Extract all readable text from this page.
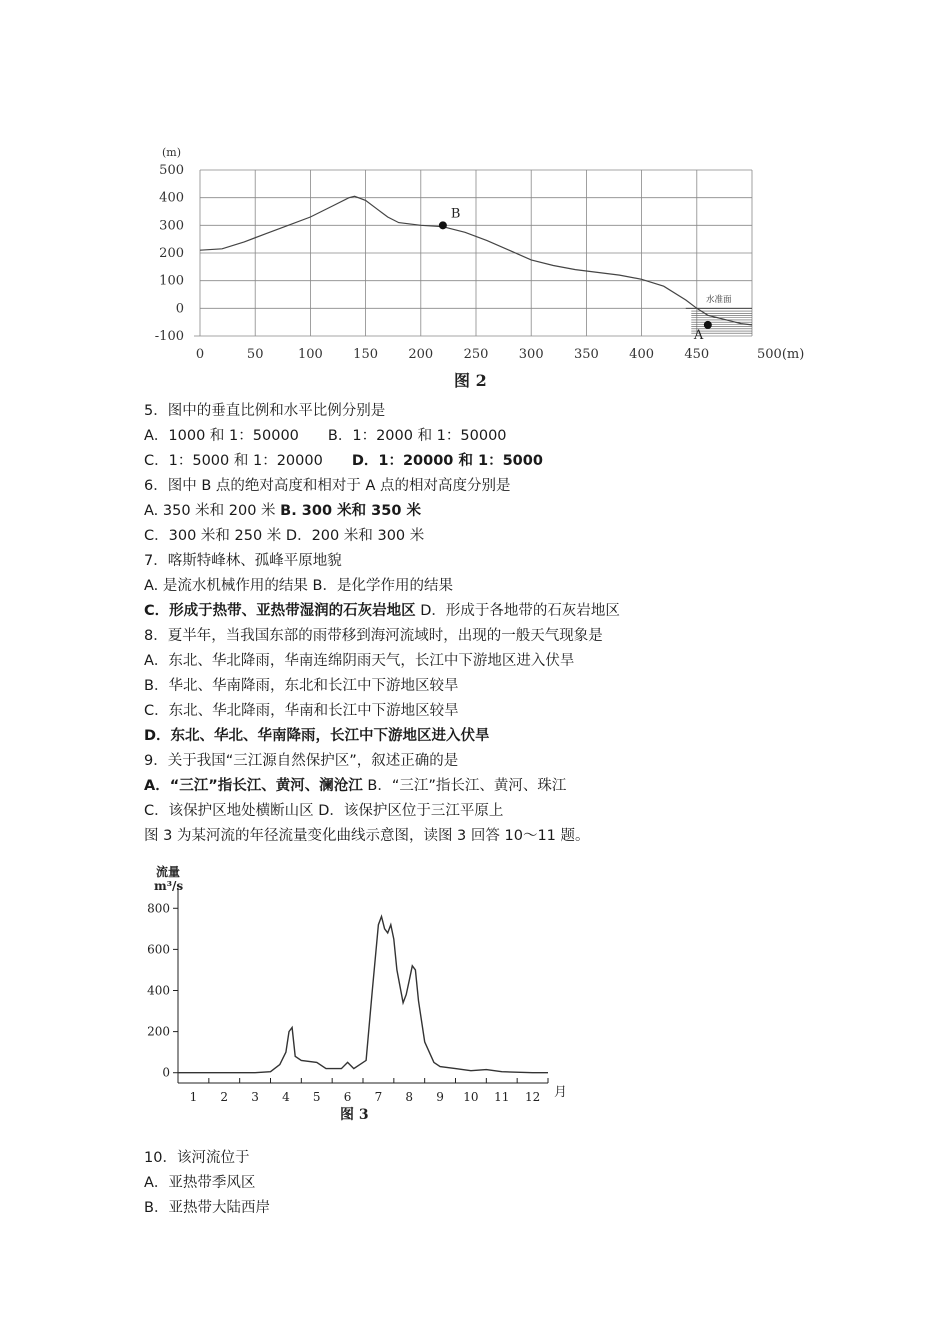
0	50	100 150 200 250 300 350 400 450
500
400
300
200
100
0
-100
B
A
(m)
500(m)
水准面
图 2
5．图中的垂直比例和水平比例分别是
A．1000 和 1：50000　　B．1：2000 和 1：50000
C．1：5000 和 1：20000　　D．1：20000 和 1：5000
6．图中 B 点的绝对高度和相对于 A 点的相对高度分别是
A. 350 米和 200 米 B. 300 米和 350 米
C．300 米和 250 米 D．200 米和 300 米
7．喀斯特峰林、孤峰平原地貌
A. 是流水机械作用的结果 B．是化学作用的结果
C．形成于热带、亚热带湿润的石灰岩地区 D．形成于各地带的石灰岩地区
8．夏半年，当我国东部的雨带移到海河流域时，出现的一般天气现象是
A．东北、华北降雨，华南连绵阴雨天气，长江中下游地区进入伏旱
B．华北、华南降雨，东北和长江中下游地区较旱
C．东北、华北降雨，华南和长江中下游地区较旱
D．东北、华北、华南降雨，长江中下游地区进入伏旱
9．关于我国“三江源自然保护区”，叙述正确的是
A．“三江”指长江、黄河、澜沧江 B．“三江”指长江、黄河、珠江
C．该保护区地处横断山区 D．该保护区位于三江平原上
图 3 为某河流的年径流量变化曲线示意图，读图 3 回答 10～11 题。
800
600
400
200
0
1 2 3 4 5 6 7 8 9 10 11 12
流量
m³/s
月
图 3
10．该河流位于
A．亚热带季风区
B．亚热带大陆西岸
